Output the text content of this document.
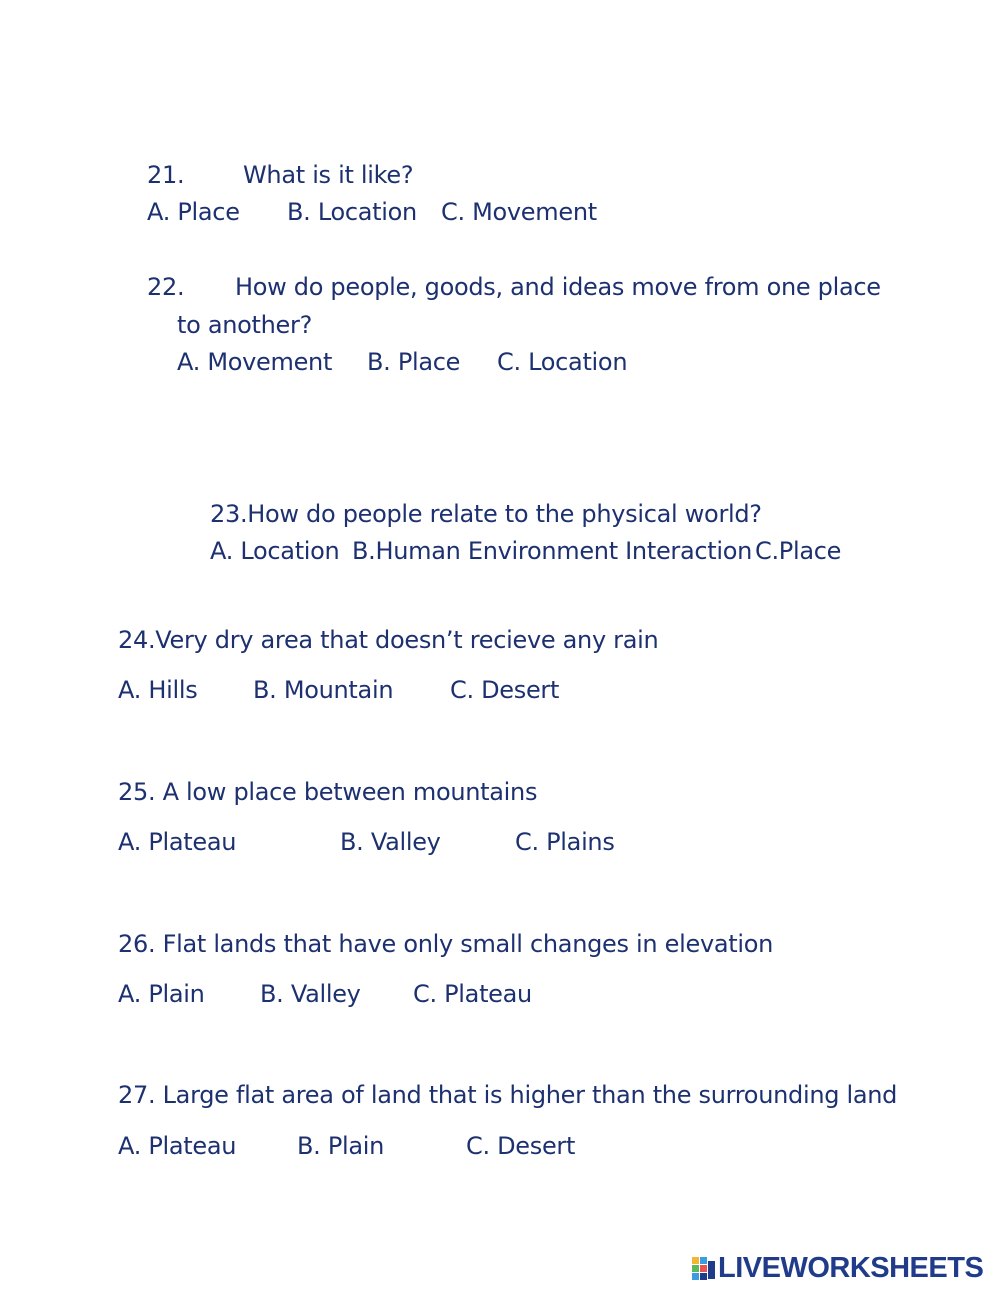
21. What is it like?
A. Place B. Location C. Movement
22. How do people, goods, and ideas move from one place
to another?
A. Movement B. Place C. Location
23.How do people relate to the physical world?
A. Location B.Human Environment Interaction C.Place
24.Very dry area that doesn’t recieve any rain
A. Hills B. Mountain C. Desert
25. A low place between mountains
A. Plateau	B. Valley	C. Plains
26. Flat lands that have only small changes in elevation
A. Plain B. Valley C. Plateau
27. Large flat area of land that is higher than the surrounding land
A. Plateau	B. Plain	C. Desert
LIVEWORKSHEETS
